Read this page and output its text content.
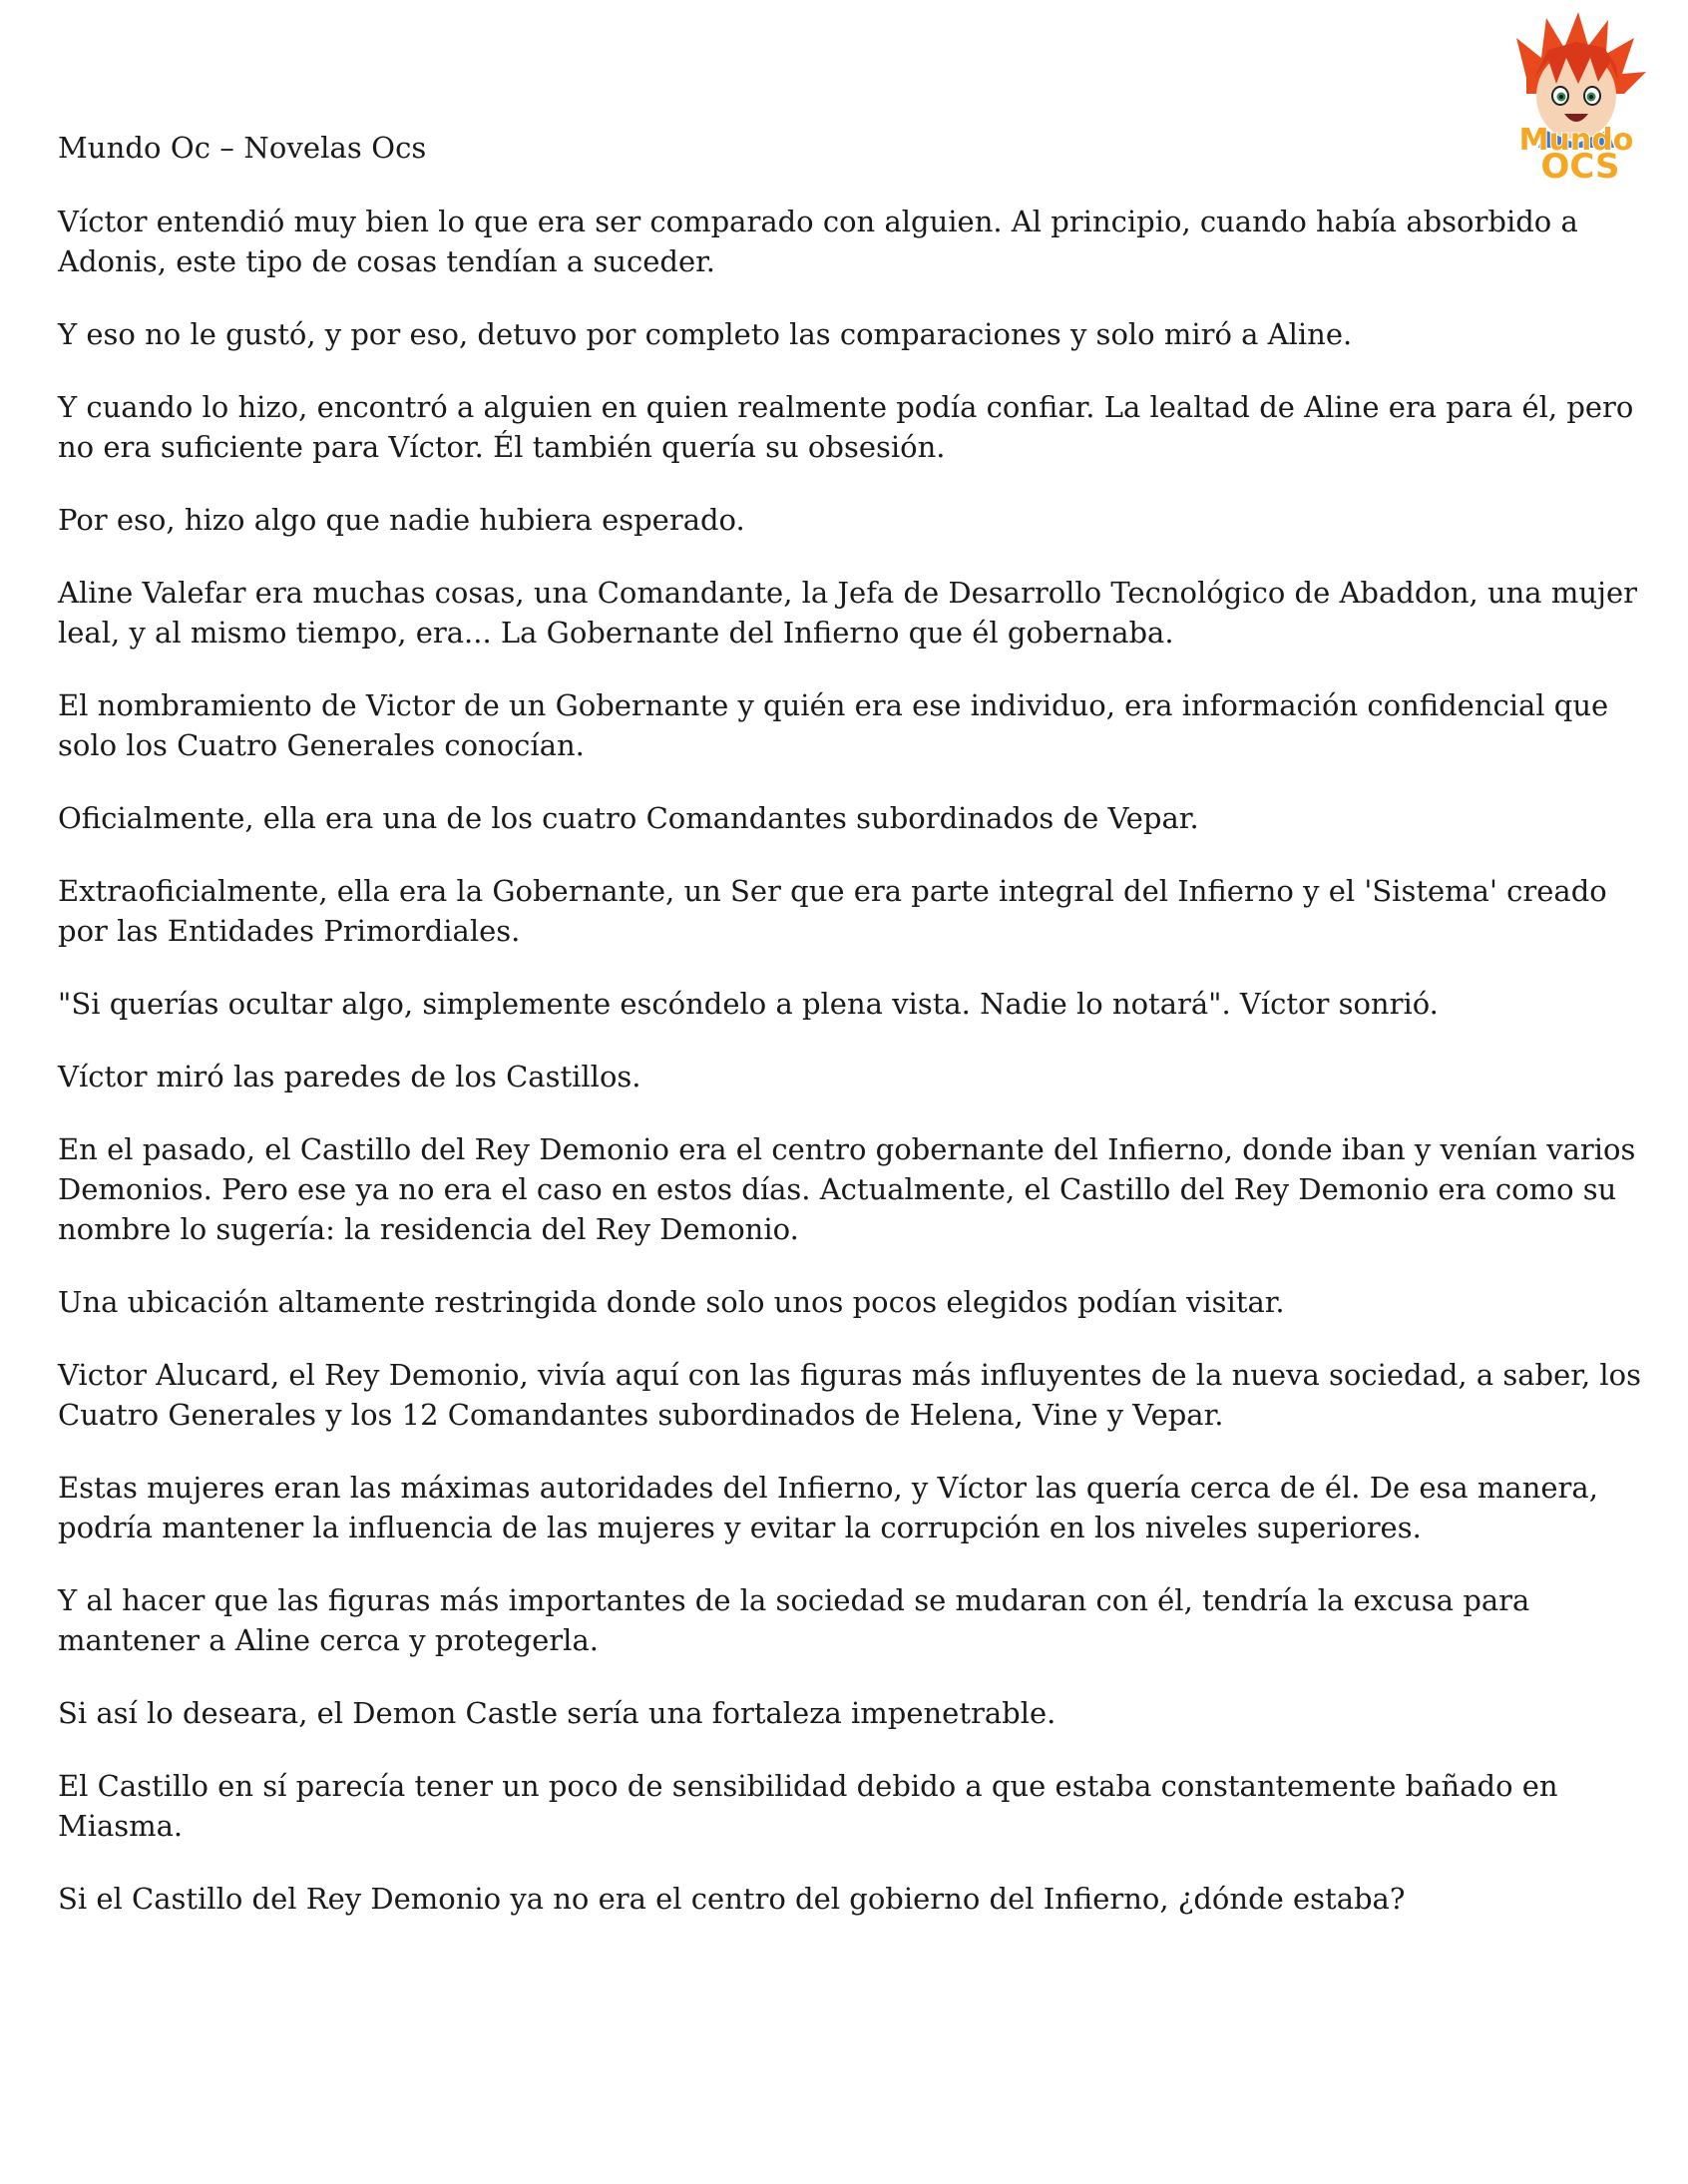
Mundo Oc – Novelas Ocs	Mundo
OCS

Víctor entendió muy bien lo que era ser comparado con alguien. Al principio, cuando había absorbido a Adonis, este tipo de cosas tendían a suceder.

Y eso no le gustó, y por eso, detuvo por completo las comparaciones y solo miró a Aline.

Y cuando lo hizo, encontró a alguien en quien realmente podía confiar. La lealtad de Aline era para él, pero no era suficiente para Víctor. Él también quería su obsesión.

Por eso, hizo algo que nadie hubiera esperado.

Aline Valefar era muchas cosas, una Comandante, la Jefa de Desarrollo Tecnológico de Abaddon, una mujer leal, y al mismo tiempo, era... La Gobernante del Infierno que él gobernaba.

El nombramiento de Victor de un Gobernante y quién era ese individuo, era información confidencial que solo los Cuatro Generales conocían.

Oficialmente, ella era una de los cuatro Comandantes subordinados de Vepar.

Extraoficialmente, ella era la Gobernante, un Ser que era parte integral del Infierno y el 'Sistema' creado por las Entidades Primordiales.

"Si querías ocultar algo, simplemente escóndelo a plena vista. Nadie lo notará". Víctor sonrió.

Víctor miró las paredes de los Castillos.

En el pasado, el Castillo del Rey Demonio era el centro gobernante del Infierno, donde iban y venían varios Demonios. Pero ese ya no era el caso en estos días. Actualmente, el Castillo del Rey Demonio era como su nombre lo sugería: la residencia del Rey Demonio.

Una ubicación altamente restringida donde solo unos pocos elegidos podían visitar.

Victor Alucard, el Rey Demonio, vivía aquí con las figuras más influyentes de la nueva sociedad, a saber, los Cuatro Generales y los 12 Comandantes subordinados de Helena, Vine y Vepar.

Estas mujeres eran las máximas autoridades del Infierno, y Víctor las quería cerca de él. De esa manera, podría mantener la influencia de las mujeres y evitar la corrupción en los niveles superiores.

Y al hacer que las figuras más importantes de la sociedad se mudaran con él, tendría la excusa para mantener a Aline cerca y protegerla.

Si así lo deseara, el Demon Castle sería una fortaleza impenetrable.

El Castillo en sí parecía tener un poco de sensibilidad debido a que estaba constantemente bañado en Miasma.

Si el Castillo del Rey Demonio ya no era el centro del gobierno del Infierno, ¿dónde estaba?
